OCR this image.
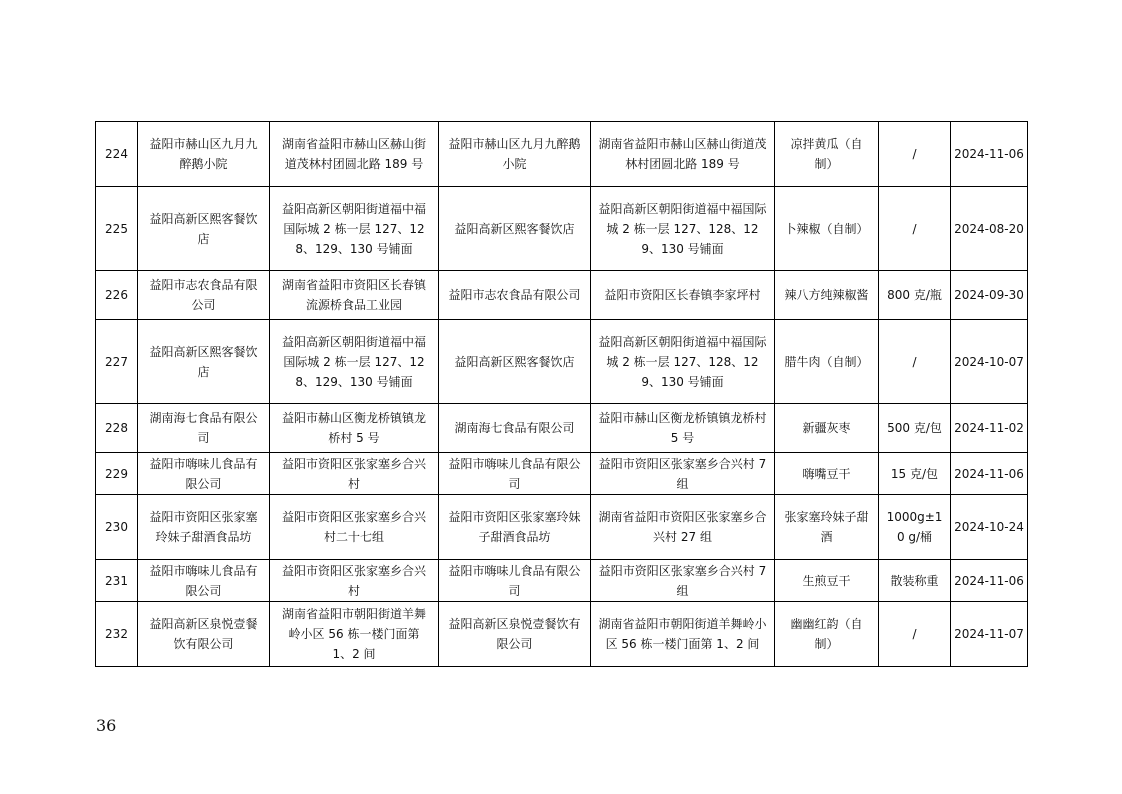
224	益阳市赫山区九月九醉鹅小院	湖南省益阳市赫山区赫山街道茂林村团圆北路 189 号	益阳市赫山区九月九醉鹅小院	湖南省益阳市赫山区赫山街道茂林村团圆北路 189 号	凉拌黄瓜（自制）	/	2024-11-06
225	益阳高新区熙客餐饮店	益阳高新区朝阳街道福中福国际城 2 栋一层 127、128、129、130 号铺面	益阳高新区熙客餐饮店	益阳高新区朝阳街道福中福国际城 2 栋一层 127、128、129、130 号铺面	卜辣椒（自制）	/	2024-08-20
226	益阳市志农食品有限公司	湖南省益阳市资阳区长春镇流源桥食品工业园	益阳市志农食品有限公司	益阳市资阳区长春镇李家坪村	辣八方纯辣椒酱	800 克/瓶	2024-09-30
227	益阳高新区熙客餐饮店	益阳高新区朝阳街道福中福国际城 2 栋一层 127、128、129、130 号铺面	益阳高新区熙客餐饮店	益阳高新区朝阳街道福中福国际城 2 栋一层 127、128、129、130 号铺面	腊牛肉（自制）	/	2024-10-07
228	湖南海七食品有限公司	益阳市赫山区衡龙桥镇镇龙桥村 5 号	湖南海七食品有限公司	益阳市赫山区衡龙桥镇镇龙桥村 5 号	新疆灰枣	500 克/包	2024-11-02
229	益阳市嗨味儿食品有限公司	益阳市资阳区张家塞乡合兴村	益阳市嗨味儿食品有限公司	益阳市资阳区张家塞乡合兴村 7 组	嗨嘴豆干	15 克/包	2024-11-06
230	益阳市资阳区张家塞玲妹子甜酒食品坊	益阳市资阳区张家塞乡合兴村二十七组	益阳市资阳区张家塞玲妹子甜酒食品坊	湖南省益阳市资阳区张家塞乡合兴村 27 组	张家塞玲妹子甜酒	1000g±10 g/桶	2024-10-24
231	益阳市嗨味儿食品有限公司	益阳市资阳区张家塞乡合兴村	益阳市嗨味儿食品有限公司	益阳市资阳区张家塞乡合兴村 7 组	生煎豆干	散装称重	2024-11-06
232	益阳高新区泉悦壹餐饮有限公司	湖南省益阳市朝阳街道羊舞岭小区 56 栋一楼门面第 1、2 间	益阳高新区泉悦壹餐饮有限公司	湖南省益阳市朝阳街道羊舞岭小区 56 栋一楼门面第 1、2 间	幽幽红韵（自制）	/	2024-11-07
36
